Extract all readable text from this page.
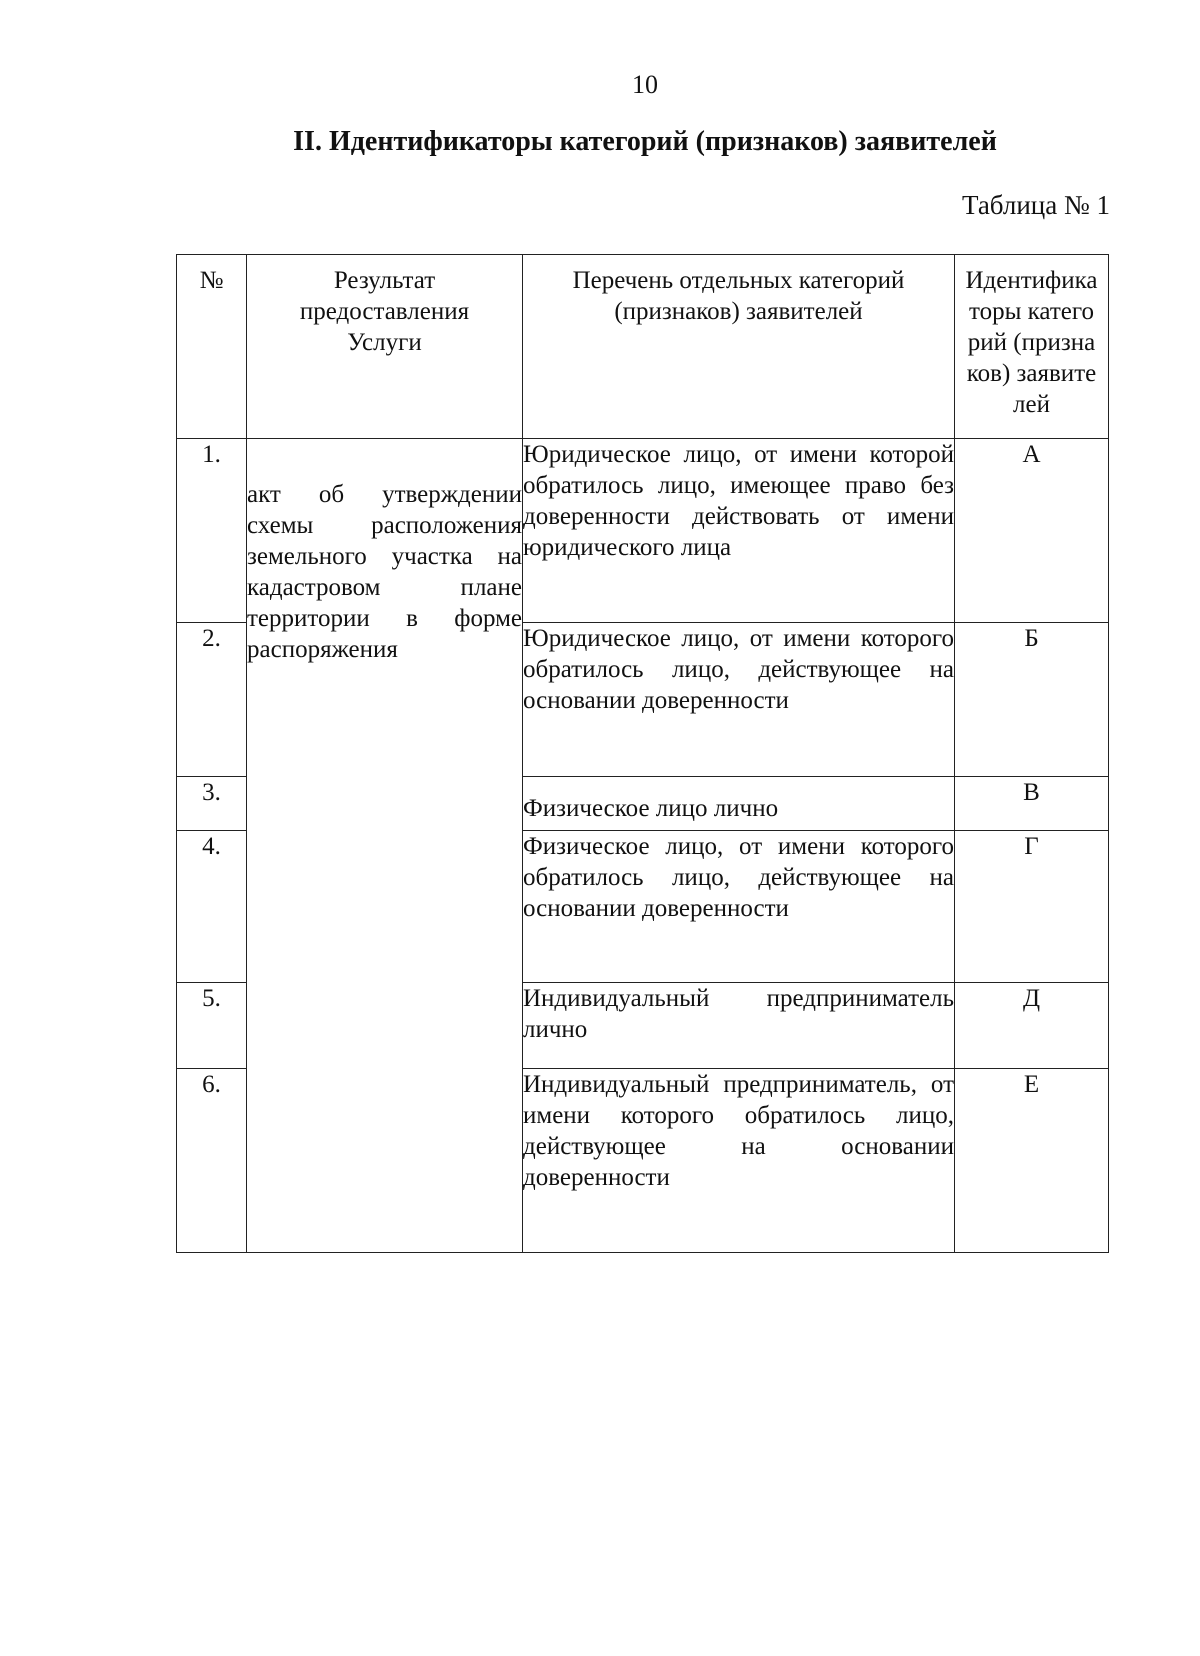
10
II. Идентификаторы категорий (признаков) заявителей
Таблица № 1
№	Результат предоставления Услуги	Перечень отдельных категорий (признаков) заявителей	Идентификаторы категорий (признаков) заявителей
1.	акт об утверждении схемы расположения земельного участка на кадастровом плане территории в форме распоряжения	Юридическое лицо, от имени которой обратилось лицо, имеющее право без доверенности действовать от имени юридического лица	А
2.		Юридическое лицо, от имени которого обратилось лицо, действующее на основании доверенности	Б
3.		Физическое лицо лично	В
4.		Физическое лицо, от имени которого обратилось лицо, действующее на основании доверенности	Г
5.		Индивидуальный предприниматель лично	Д
6.		Индивидуальный предприниматель, от имени которого обратилось лицо, действующее на основании доверенности	Е
